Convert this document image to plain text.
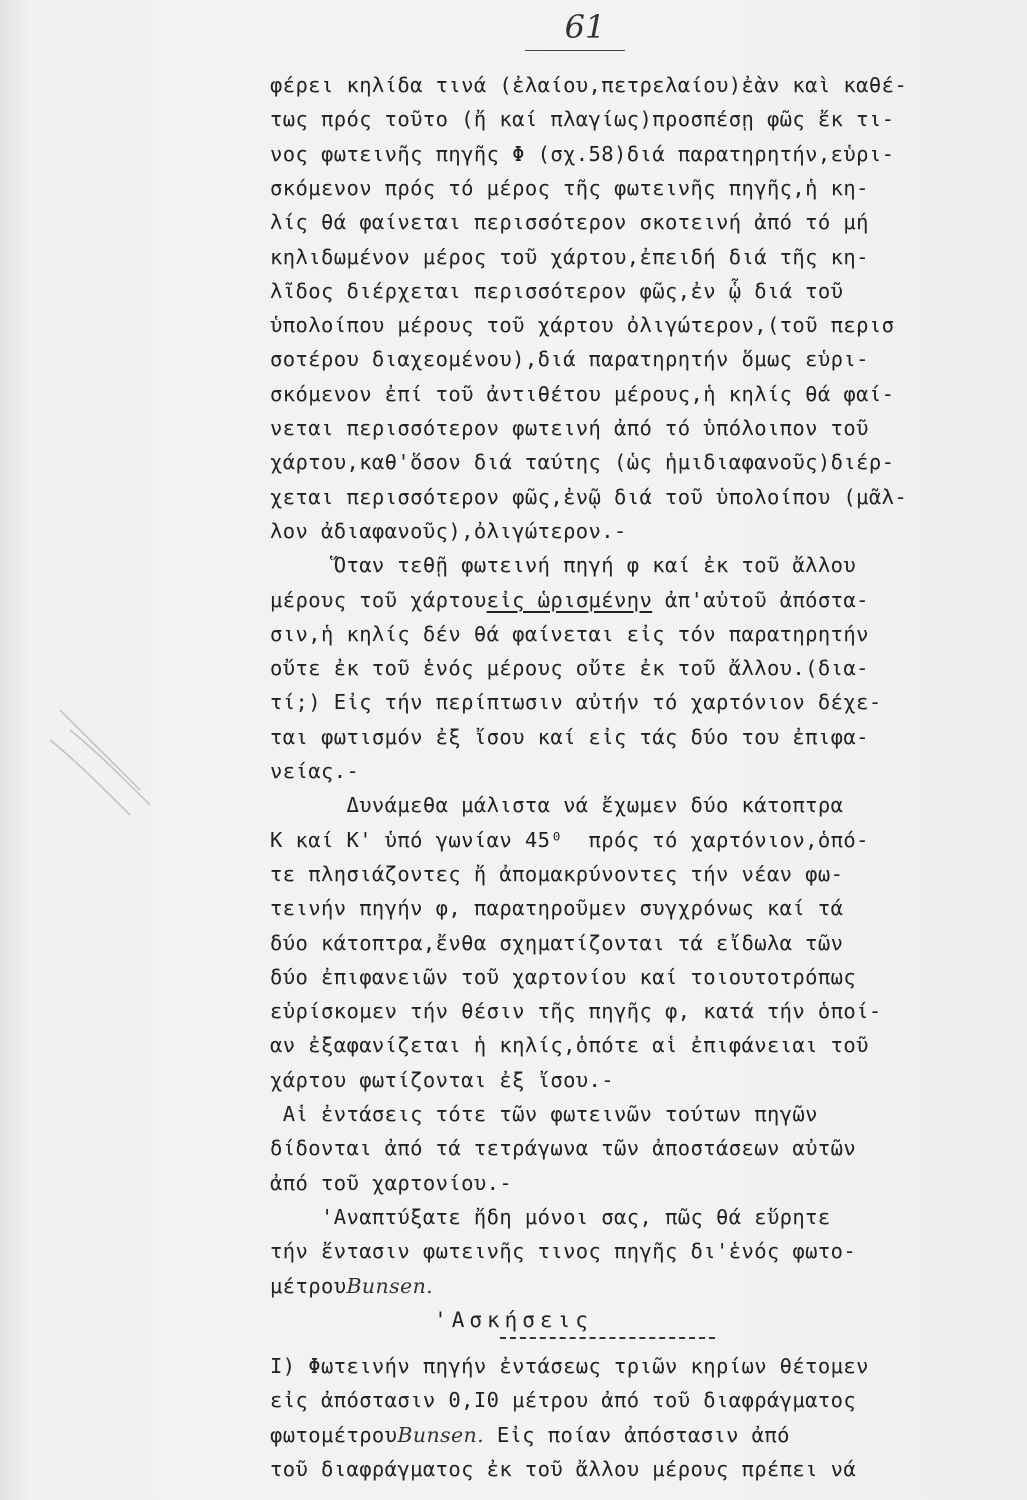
61
φέρει κηλίδα τινά (ἐλαίου,πετρελαίου)ἐὰν καὶ καθέ-
τως πρός τοῦτο (ἤ καί πλαγίως)προσπέσῃ φῶς ἔκ τι-
νος φωτεινῆς πηγῆς Φ (σχ.58)διά παρατηρητήν,εὑρι-
σκόμενον πρός τό μέρος τῆς φωτεινῆς πηγῆς,ἡ κη-
λίς θά φαίνεται περισσότερον σκοτεινή ἀπό τό μή
κηλιδωμένον μέρος τοῦ χάρτου,ἐπειδή διά τῆς κη-
λῖδος διέρχεται περισσότερον φῶς,ἐν ᾧ διά τοῦ
ὑπολοίπου μέρους τοῦ χάρτου ὀλιγώτερον,(τοῦ περισ
σοτέρου διαχεομένου),διά παρατηρητήν ὅμως εὑρι-
σκόμενον ἐπί τοῦ ἀντιθέτου μέρους,ἡ κηλίς θά φαί-
νεται περισσότερον φωτεινή ἀπό τό ὑπόλοιπον τοῦ
χάρτου,καθ'ὅσον διά ταύτης (ὡς ἡμιδιαφανοῦς)διέρ-
χεται περισσότερον φῶς,ἐνῷ διά τοῦ ὑπολοίπου (μᾶλ-
λον ἀδιαφανοῦς),ὀλιγώτερον.-
Ὅταν τεθῇ φωτεινή πηγή φ καί ἐκ τοῦ ἄλλου
μέρους τοῦ χάρτουεἰς ὡρισμένην ἀπ'αὐτοῦ ἀπόστα-
σιν,ἡ κηλίς δέν θά φαίνεται εἰς τόν παρατηρητήν
οὔτε ἐκ τοῦ ἑνός μέρους οὔτε ἐκ τοῦ ἄλλου.(δια-
τί;) Εἰς τήν περίπτωσιν αὐτήν τό χαρτόνιον δέχε-
ται φωτισμόν ἐξ ἴσου καί εἰς τάς δύο του ἐπιφα-
νείας.-
Δυνάμεθα μάλιστα νά ἔχωμεν δύο κάτοπτρα
Κ καί Κ' ὑπό γωνίαν 45⁰  πρός τό χαρτόνιον,ὁπό-
τε πλησιάζοντες ἤ ἀπομακρύνοντες τήν νέαν φω-
τεινήν πηγήν φ, παρατηροῦμεν συγχρόνως καί τά
δύο κάτοπτρα,ἔνθα σχηματίζονται τά εἴδωλα τῶν
δύο ἐπιφανειῶν τοῦ χαρτονίου καί τοιουτοτρόπως
εὑρίσκομεν τήν θέσιν τῆς πηγῆς φ, κατά τήν ὁποί-
αν ἐξαφανίζεται ἡ κηλίς,ὁπότε αἱ ἐπιφάνειαι τοῦ
χάρτου φωτίζονται ἐξ ἴσου.-
Αἱ ἐντάσεις τότε τῶν φωτεινῶν τούτων πηγῶν
δίδονται ἀπό τά τετράγωνα τῶν ἀποστάσεων αὐτῶν
ἀπό τοῦ χαρτονίου.-
'Αναπτύξατε ἤδη μόνοι σας, πῶς θά εὕρητε
τήν ἔντασιν φωτεινῆς τινος πηγῆς δι'ἑνός φωτο-
μέτρουBunsen.
'Ασκήσεις
Ι) Φωτεινήν πηγήν ἐντάσεως τριῶν κηρίων θέτομεν
εἰς ἀπόστασιν 0,Ι0 μέτρου ἀπό τοῦ διαφράγματος
φωτομέτρουBunsen. Εἰς ποίαν ἀπόστασιν ἀπό
τοῦ διαφράγματος ἐκ τοῦ ἄλλου μέρους πρέπει νά
